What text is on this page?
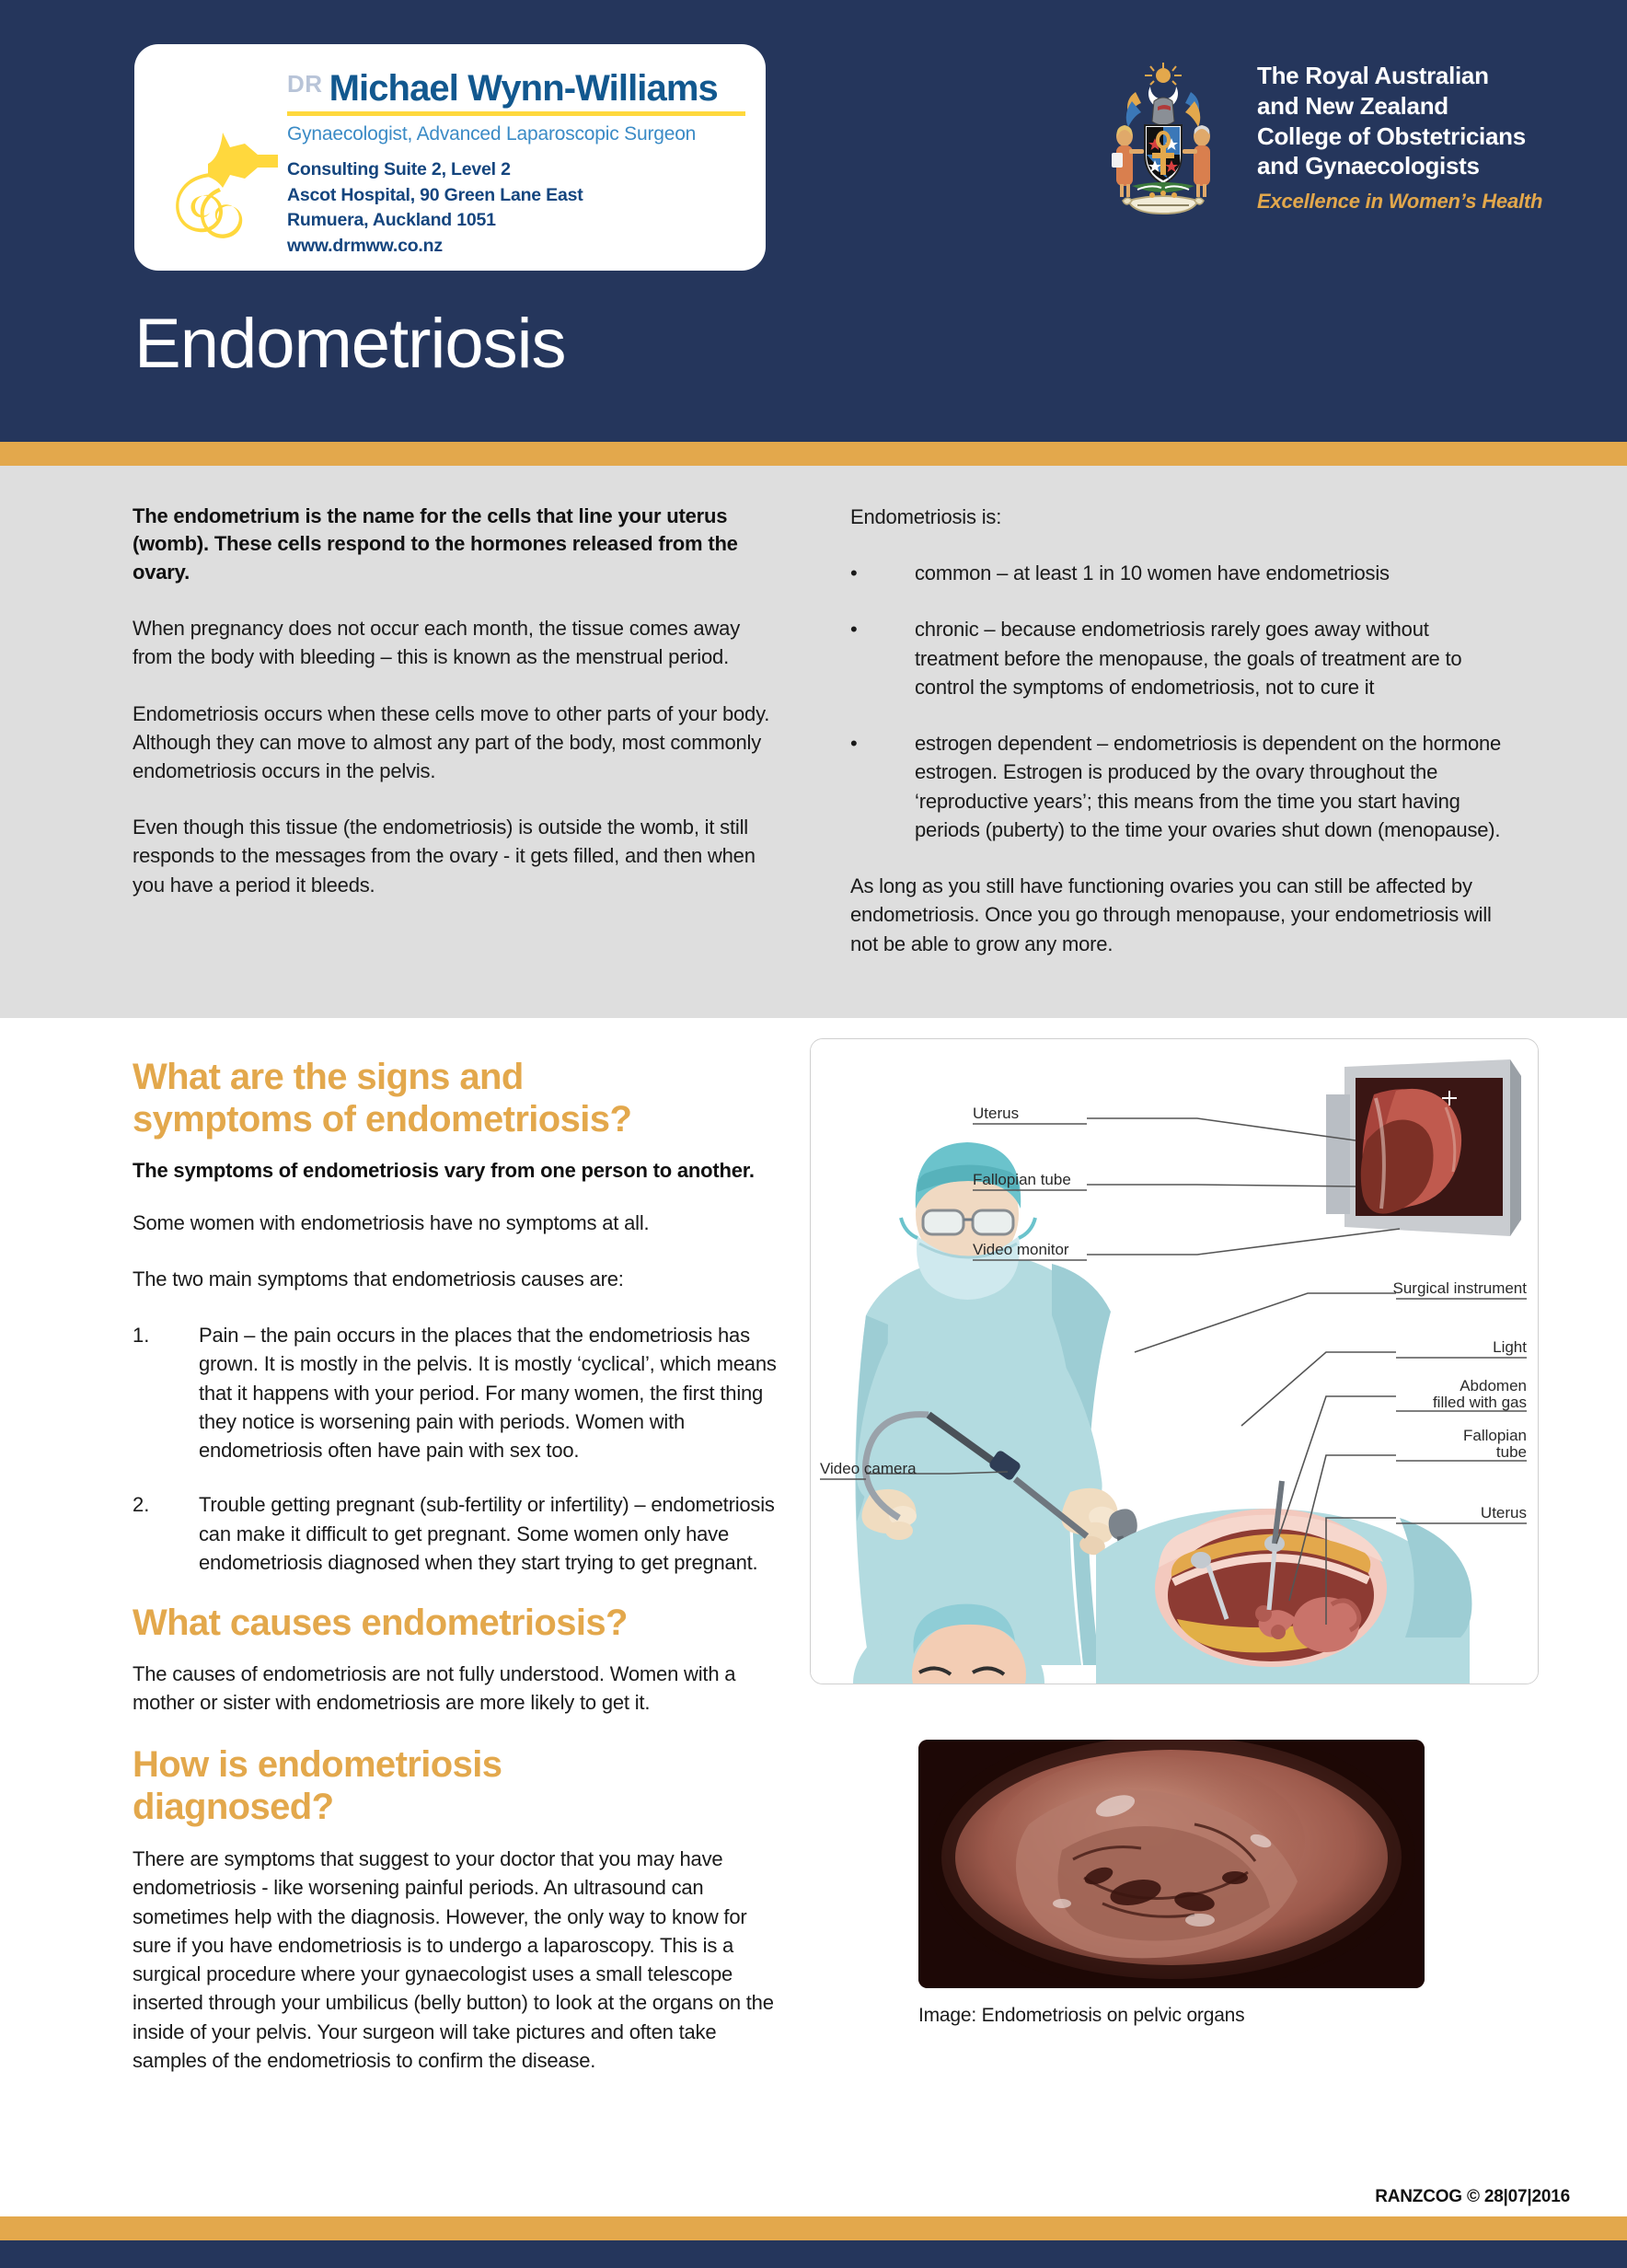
DR Michael Wynn-Williams
Gynaecologist, Advanced Laparoscopic Surgeon
Consulting Suite 2, Level 2
Ascot Hospital, 90 Green Lane East
Rumuera, Auckland 1051
www.drmww.co.nz
The Royal Australian
and New Zealand
College of Obstetricians
and Gynaecologists
Excellence in Women’s Health
Endometriosis

The endometrium is the name for the cells that line your uterus (womb). These cells respond to the hormones released from the ovary.

When pregnancy does not occur each month, the tissue comes away from the body with bleeding – this is known as the menstrual period.

Endometriosis occurs when these cells move to other parts of your body. Although they can move to almost any part of the body, most commonly endometriosis occurs in the pelvis.

Even though this tissue (the endometriosis) is outside the womb, it still responds to the messages from the ovary - it gets filled, and then when you have a period it bleeds.

Endometriosis is:

•	common – at least 1 in 10 women have endometriosis
•	chronic – because endometriosis rarely goes away without treatment before the menopause, the goals of treatment are to control the symptoms of endometriosis, not to cure it
•	estrogen dependent – endometriosis is dependent on the hormone estrogen. Estrogen is produced by the ovary throughout the ‘reproductive years’; this means from the time you start having periods (puberty) to the time your ovaries shut down (menopause).

As long as you still have functioning ovaries you can still be affected by endometriosis. Once you go through menopause, your endometriosis will not be able to grow any more.

What are the signs and
symptoms of endometriosis?

The symptoms of endometriosis vary from one person to another.

Some women with endometriosis have no symptoms at all.

The two main symptoms that endometriosis causes are:

1.	Pain – the pain occurs in the places that the endometriosis has grown. It is mostly in the pelvis. It is mostly ‘cyclical’, which means that it happens with your period. For many women, the first thing they notice is worsening pain with periods. Women with endometriosis often have pain with sex too.
2.	Trouble getting pregnant (sub-fertility or infertility) – endometriosis can make it difficult to get pregnant. Some women only have endometriosis diagnosed when they start trying to get pregnant.
What causes endometriosis?

The causes of endometriosis are not fully understood. Women with a mother or sister with endometriosis are more likely to get it.

How is endometriosis
diagnosed?

There are symptoms that suggest to your doctor that you may have endometriosis - like worsening painful periods. An ultrasound can sometimes help with the diagnosis. However, the only way to know for sure if you have endometriosis is to undergo a laparoscopy. This is a surgical procedure where your gynaecologist uses a small telescope inserted through your umbilicus (belly button) to look at the organs on the inside of your pelvis. Your surgeon will take pictures and often take samples of the endometriosis to confirm the disease.

Uterus
Fallopian tube
Video monitor
Surgical instrument
Light
Abdomen
filled with gas
Fallopian
tube
Uterus
Video camera
Image: Endometriosis on pelvic organs
RANZCOG © 28|07|2016
